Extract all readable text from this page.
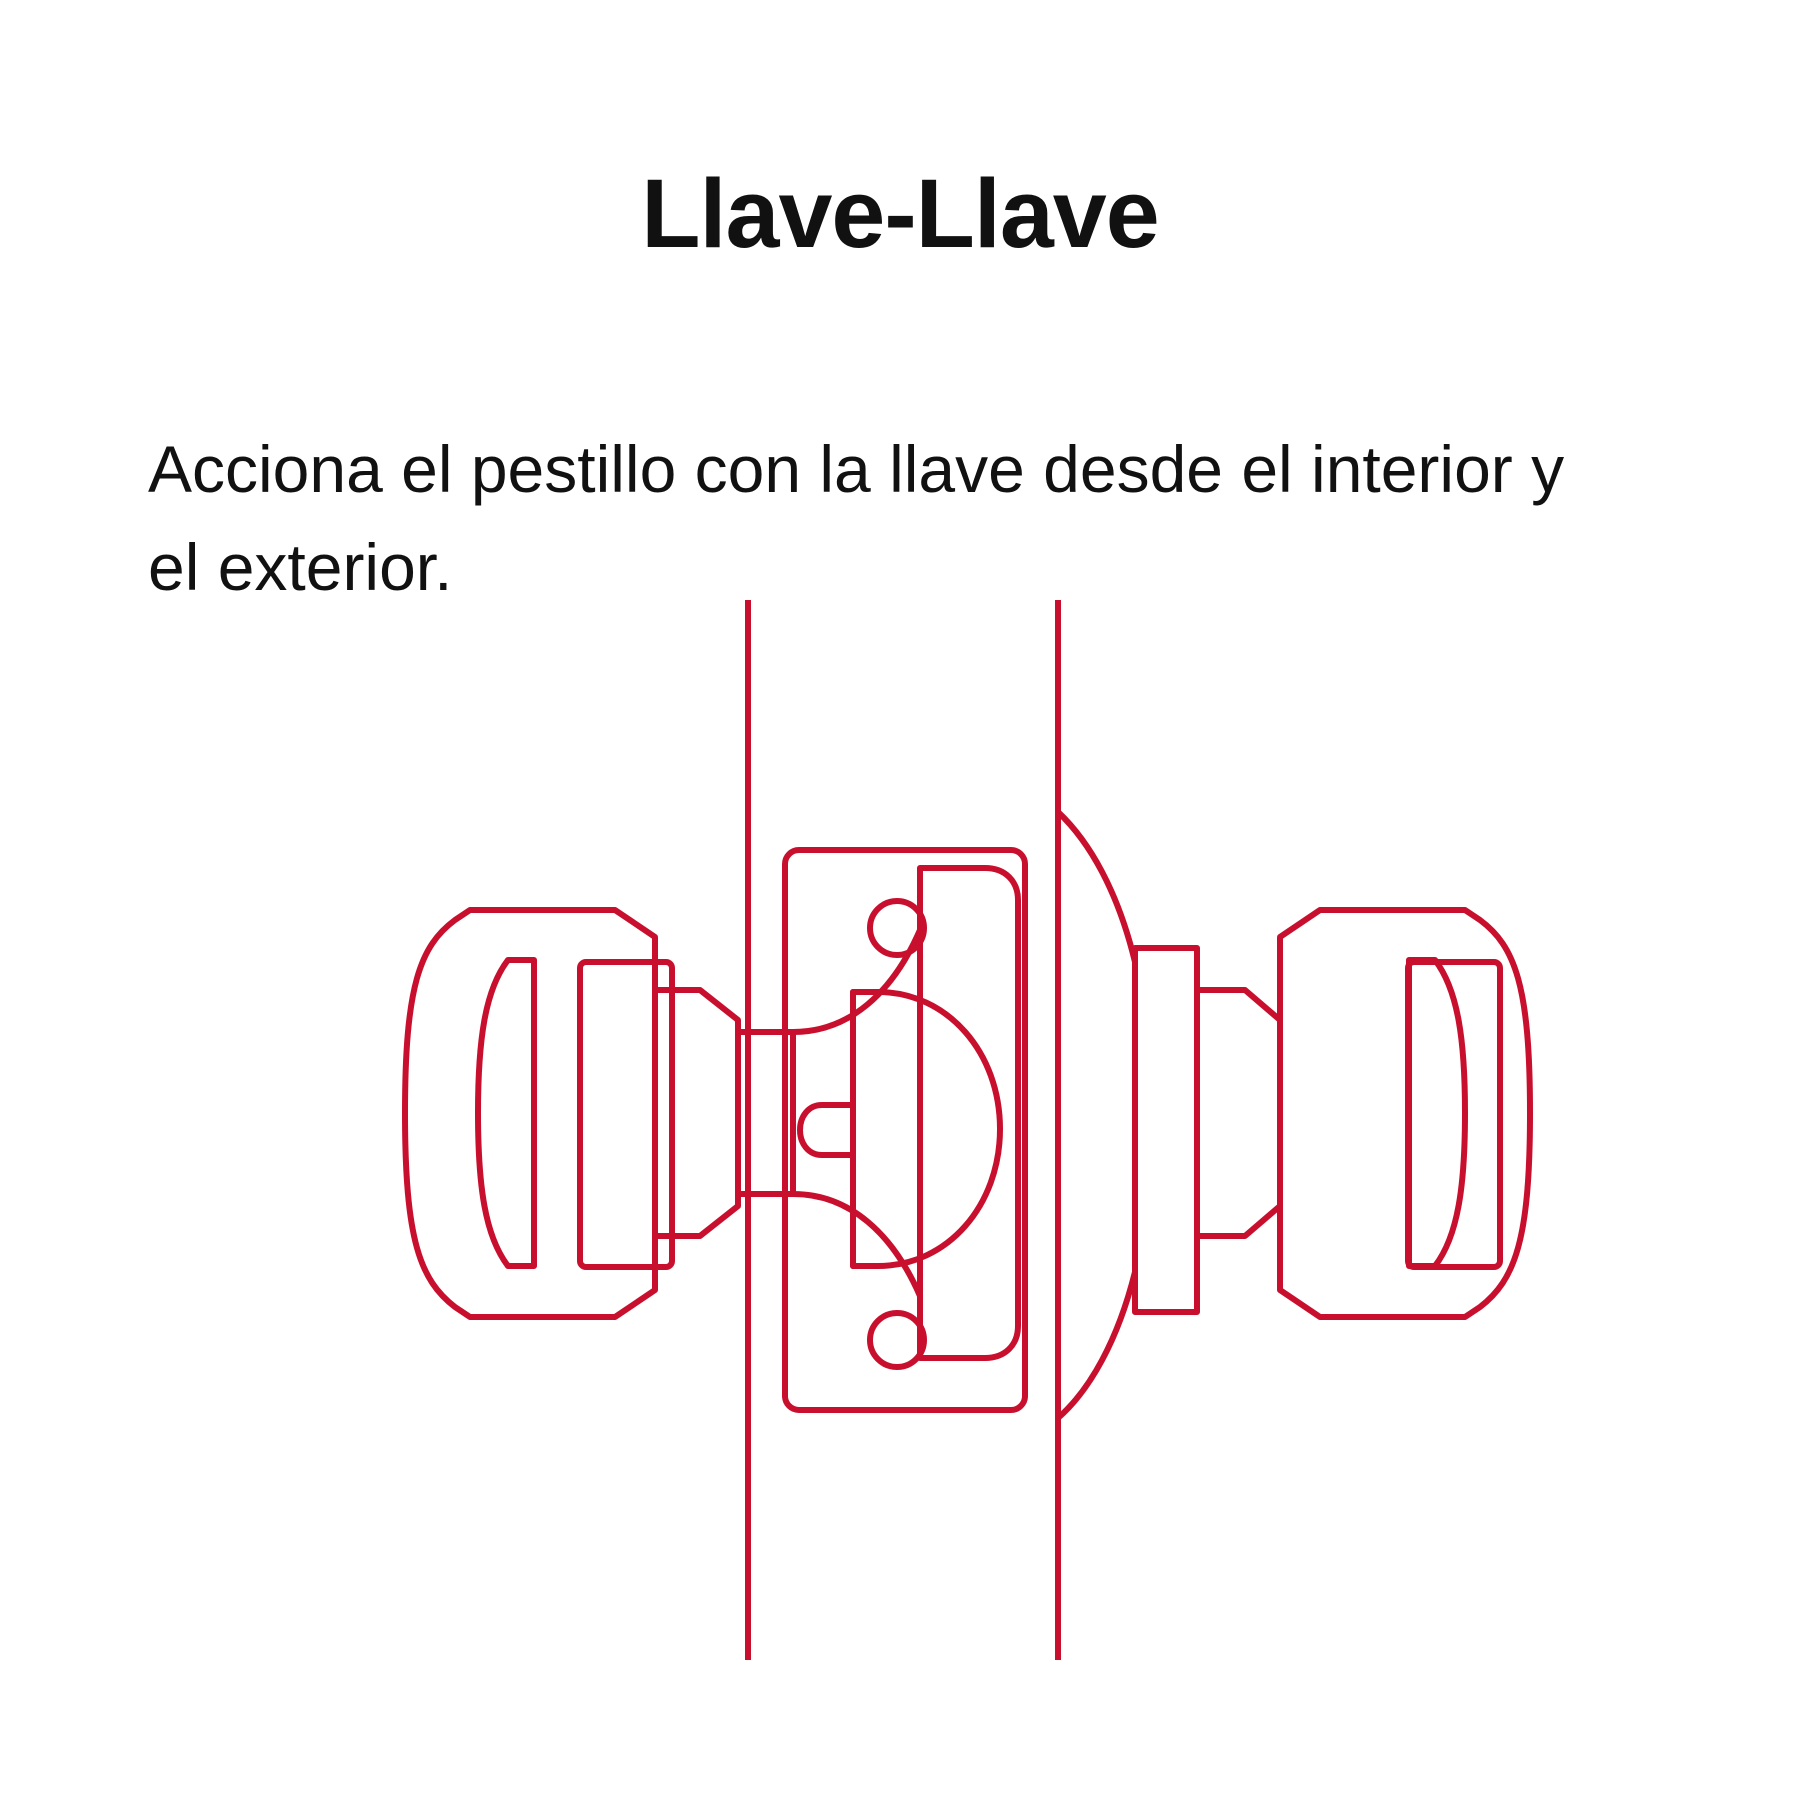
Llave-Llave

Acciona el pestillo con la llave desde el interior y el exterior.
